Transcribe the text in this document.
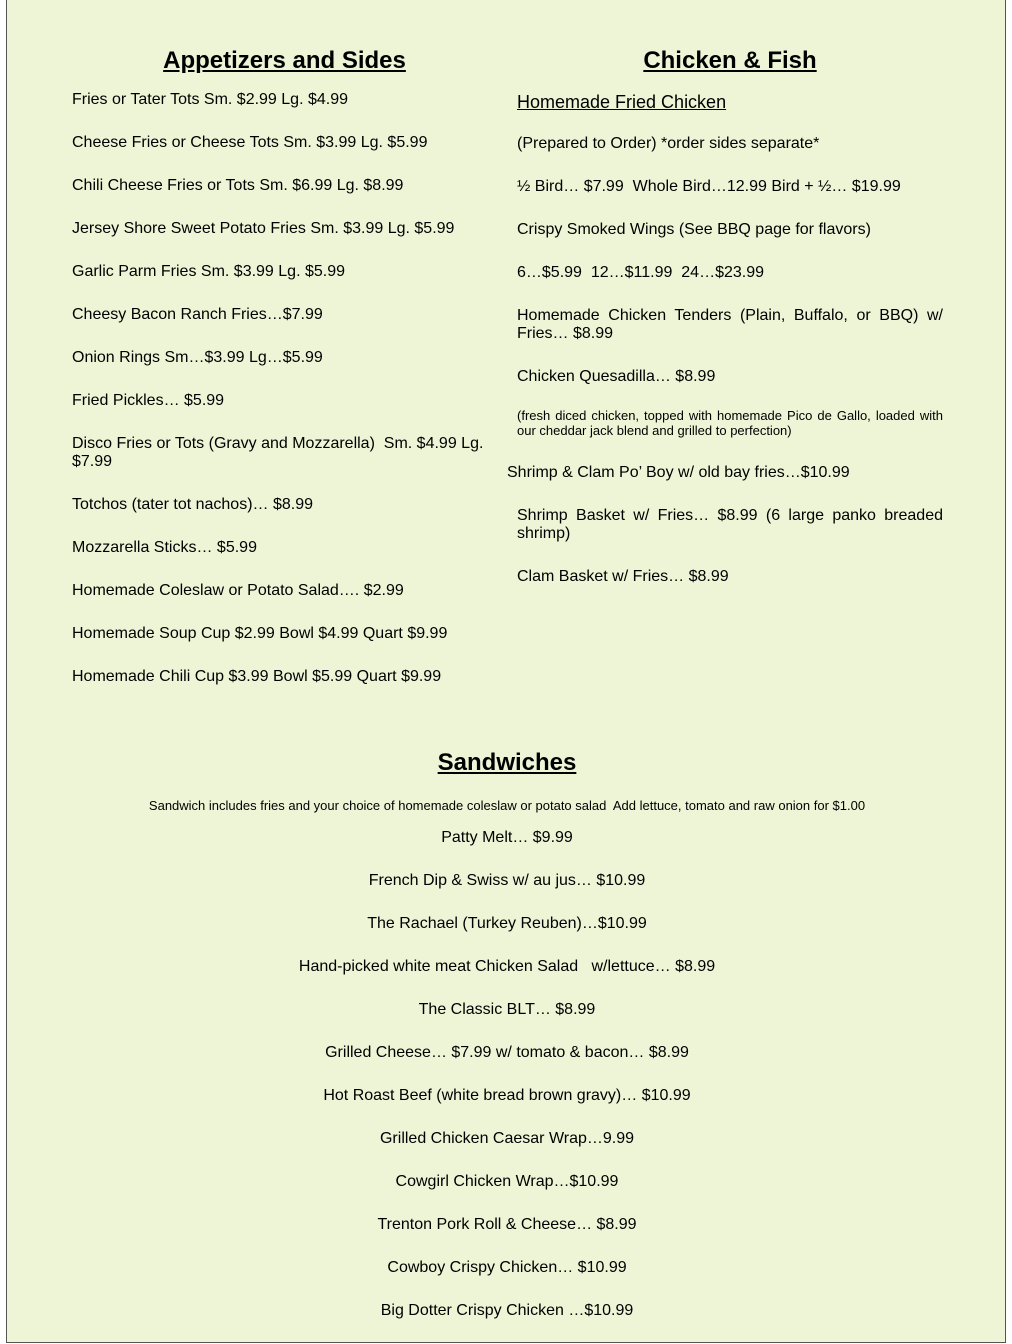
Appetizers and Sides

Fries or Tater Tots Sm. $2.99 Lg. $4.99

Cheese Fries or Cheese Tots Sm. $3.99 Lg. $5.99

Chili Cheese Fries or Tots Sm. $6.99 Lg. $8.99

Jersey Shore Sweet Potato Fries Sm. $3.99 Lg. $5.99

Garlic Parm Fries Sm. $3.99 Lg. $5.99

Cheesy Bacon Ranch Fries…$7.99

Onion Rings Sm…$3.99 Lg…$5.99

Fried Pickles… $5.99

Disco Fries or Tots (Gravy and Mozzarella)  Sm. $4.99 Lg. $7.99

Totchos (tater tot nachos)… $8.99

Mozzarella Sticks… $5.99

Homemade Coleslaw or Potato Salad…. $2.99

Homemade Soup Cup $2.99 Bowl $4.99 Quart $9.99

Homemade Chili Cup $3.99 Bowl $5.99 Quart $9.99

Chicken & Fish

Homemade Fried Chicken

(Prepared to Order) *order sides separate*

½ Bird… $7.99  Whole Bird…12.99 Bird + ½… $19.99

Crispy Smoked Wings (See BBQ page for flavors)

6…$5.99  12…$11.99  24…$23.99

Homemade Chicken Tenders (Plain, Buffalo, or BBQ) w/ Fries… $8.99

Chicken Quesadilla… $8.99

(fresh diced chicken, topped with homemade Pico de Gallo, loaded with our cheddar jack blend and grilled to perfection)

Shrimp & Clam Po’ Boy w/ old bay fries…$10.99

Shrimp Basket w/ Fries… $8.99 (6 large panko breaded shrimp)

Clam Basket w/ Fries… $8.99

Sandwiches

Sandwich includes fries and your choice of homemade coleslaw or potato salad  Add lettuce, tomato and raw onion for $1.00

Patty Melt… $9.99

French Dip & Swiss w/ au jus… $10.99

The Rachael (Turkey Reuben)…$10.99

Hand-picked white meat Chicken Salad   w/lettuce… $8.99

The Classic BLT… $8.99

Grilled Cheese… $7.99 w/ tomato & bacon… $8.99

Hot Roast Beef (white bread brown gravy)… $10.99

Grilled Chicken Caesar Wrap…9.99

Cowgirl Chicken Wrap…$10.99

Trenton Pork Roll & Cheese… $8.99

Cowboy Crispy Chicken… $10.99

Big Dotter Crispy Chicken …$10.99
